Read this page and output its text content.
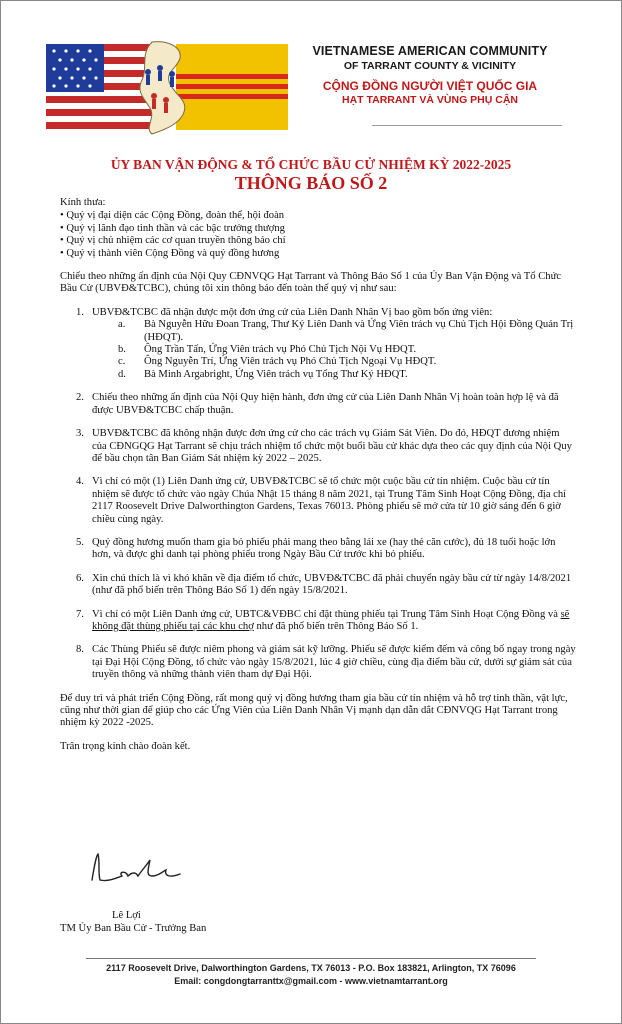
VIETNAMESE AMERICAN COMMUNITY
OF TARRANT COUNTY & VICINITY
CỘNG ĐỒNG NGƯỜI VIỆT QUỐC GIA
HẠT TARRANT VÀ VÙNG PHỤ CẬN
ỦY BAN VẬN ĐỘNG & TỔ CHỨC BẦU CỬ NHIỆM KỲ 2022-2025
THÔNG BÁO SỐ 2

Kính thưa:

• Quý vị đại diện các Cộng Đồng, đoàn thể, hội đoàn
• Quý vị lãnh đạo tinh thần và các bậc trưởng thượng
• Quý vị chủ nhiệm các cơ quan truyền thông báo chí
• Quý vị thành viên Cộng Đồng và quý đồng hương

Chiếu theo những ấn định của Nội Quy CĐNVQG Hạt Tarrant và Thông Báo Số 1 của Ủy Ban Vận Động và Tổ Chức Bầu Cử (UBVĐ&TCBC), chúng tôi xin thông báo đến toàn thể quý vị như sau:

1. UBVĐ&TCBC đã nhận được một đơn ứng cử của Liên Danh Nhân Vị bao gồm bốn ứng viên:
a. Bà Nguyễn Hữu Đoan Trang, Thư Ký Liên Danh và Ứng Viên trách vụ Chủ Tịch Hội Đồng Quản Trị (HĐQT).
b. Ông Trần Tấn, Ứng Viên trách vụ Phó Chủ Tịch Nội Vụ HĐQT.
c. Ông Nguyễn Trí, Ứng Viên trách vụ Phó Chủ Tịch Ngoại Vụ HĐQT.
d. Bà Minh Argabright, Ứng Viên trách vụ Tổng Thư Ký HĐQT.
2. Chiếu theo những ấn định của Nội Quy hiện hành, đơn ứng cử của Liên Danh Nhân Vị hoàn toàn hợp lệ và đã được UBVĐ&TCBC chấp thuận.
3. UBVĐ&TCBC đã không nhận được đơn ứng cử cho các trách vụ Giám Sát Viên. Do đó, HĐQT đương nhiệm của CĐNGQG Hạt Tarrant sẽ chịu trách nhiệm tổ chức một buổi bầu cử khác dựa theo các quy định của Nội Quy để bầu chọn tân Ban Giám Sát nhiệm kỳ 2022 – 2025.
4. Vì chỉ có một (1) Liên Danh ứng cử, UBVĐ&TCBC sẽ tổ chức một cuộc bầu cử tín nhiệm. Cuộc bầu cử tín nhiệm sẽ được tổ chức vào ngày Chúa Nhật 15 tháng 8 năm 2021, tại Trung Tâm Sinh Hoạt Cộng Đồng, địa chỉ 2117 Roosevelt Drive Dalworthington Gardens, Texas 76013. Phòng phiếu sẽ mở cửa từ 10 giờ sáng đến 6 giờ chiều cùng ngày.
5. Quý đồng hương muốn tham gia bỏ phiếu phải mang theo bằng lái xe (hay thẻ căn cước), đủ 18 tuổi hoặc lớn hơn, và được ghi danh tại phòng phiếu trong Ngày Bầu Cử trước khi bỏ phiếu.
6. Xin chú thích là vì khó khăn về địa điểm tổ chức, UBVĐ&TCBC đã phải chuyển ngày bầu cử từ ngày 14/8/2021 (như đã phổ biến trên Thông Báo Số 1) đến ngày 15/8/2021.
7. Vì chỉ có một Liên Danh ứng cử, UBTC&VĐBC chỉ đặt thùng phiếu tại Trung Tâm Sinh Hoạt Cộng Đồng và sẽ không đặt thùng phiếu tại các khu chợ như đã phổ biến trên Thông Báo Số 1.
8. Các Thùng Phiếu sẽ được niêm phong và giám sát kỹ lưỡng. Phiếu sẽ được kiểm đếm và công bố ngay trong ngày tại Đại Hội Cộng Đồng, tổ chức vào ngày 15/8/2021, lúc 4 giờ chiều, cùng địa điểm bầu cử, dưới sự giám sát của truyền thông và những thành viên tham dự Đại Hội.

Để duy trì và phát triển Cộng Đồng, rất mong quý vị đồng hương tham gia bầu cử tín nhiệm và hỗ trợ tinh thần, vật lực, cũng như thời gian để giúp cho các Ứng Viên của Liên Danh Nhân Vị mạnh dạn dẫn dắt CĐNVQG Hạt Tarrant trong nhiệm kỳ 2022 -2025.

Trân trọng kính chào đoàn kết.

Lê Lợi
TM Ủy Ban Bầu Cử - Trưởng Ban
2117 Roosevelt Drive, Dalworthington Gardens, TX 76013 - P.O. Box 183821, Arlington, TX 76096
Email: congdongtarranttx@gmail.com - www.vietnamtarrant.org
